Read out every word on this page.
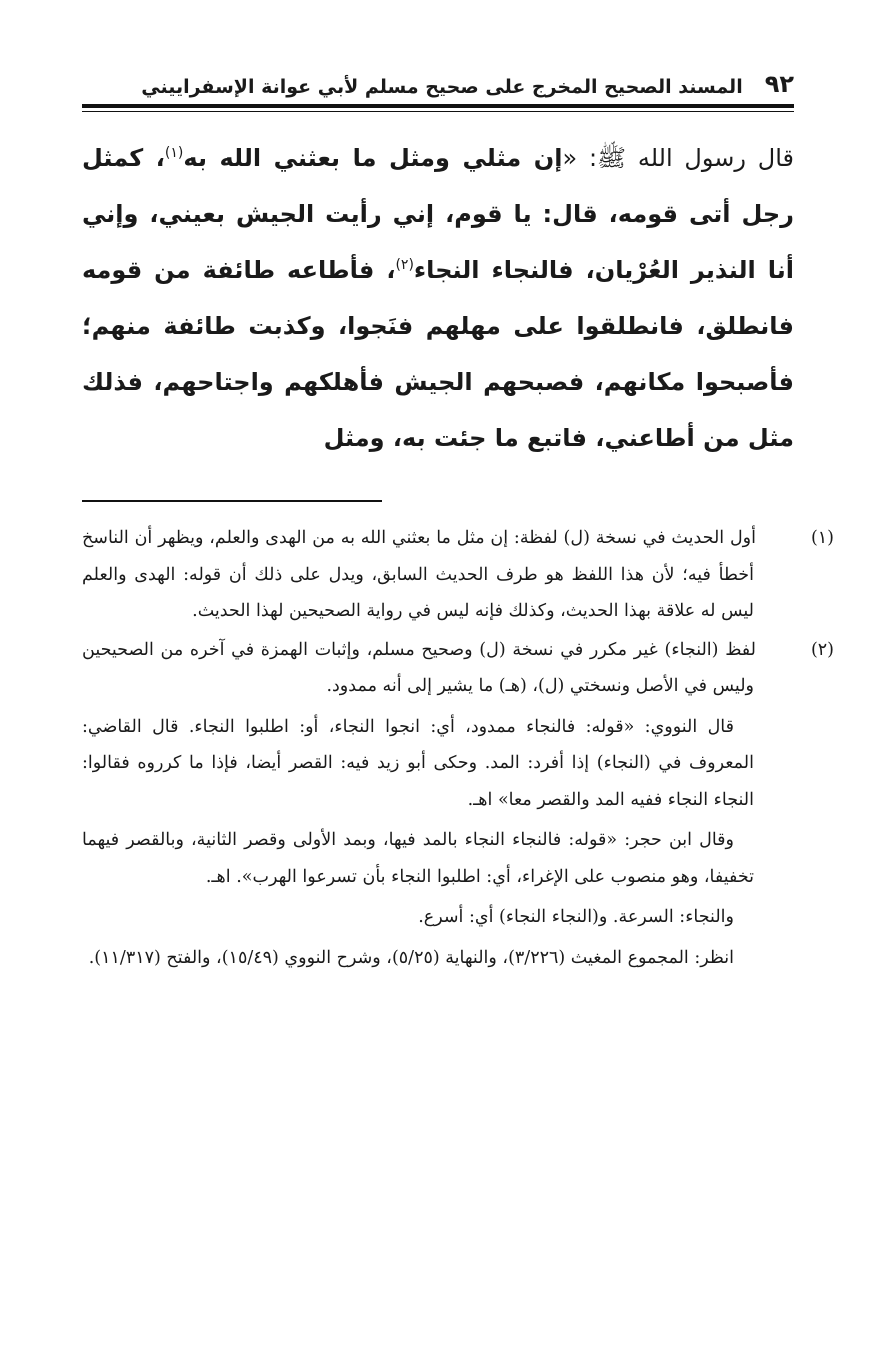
٩٢
المسند الصحيح المخرج على صحيح مسلم لأبي عوانة الإسفراييني
قال رسول الله ﷺ: «إن مثلي ومثل ما بعثني الله به$^{(١)}$، كمثل رجل أتى قومه، قال: يا قوم، إني رأيت الجيش بعيني، وإني أنا النذير العُرْيان، فالنجاء النجاء$^{(٢)}$، فأطاعه طائفة من قومه فانطلق، فانطلقوا على مهلهم فنَجوا، وكذبت طائفة منهم؛ فأصبحوا مكانهم، فصبحهم الجيش فأهلكهم واجتاحهم، فذلك مثل من أطاعني، فاتبع ما جئت به، ومثل
(١)أول الحديث في نسخة (ل) لفظة: إن مثل ما بعثني الله به من الهدى والعلم، ويظهر أن الناسخ أخطأ فيه؛ لأن هذا اللفظ هو طرف الحديث السابق، ويدل على ذلك أن قوله: الهدى والعلم ليس له علاقة بهذا الحديث، وكذلك فإنه ليس في رواية الصحيحين لهذا الحديث.
(٢)لفظ (النجاء) غير مكرر في نسخة (ل) وصحيح مسلم، وإثبات الهمزة في آخره من الصحيحين وليس في الأصل ونسختي (ل)، (هـ) ما يشير إلى أنه ممدود.
قال النووي: «قوله: فالنجاء ممدود، أي: انجوا النجاء، أو: اطلبوا النجاء. قال القاضي: المعروف في (النجاء) إذا أفرد: المد. وحكى أبو زيد فيه: القصر أيضا، فإذا ما كرروه فقالوا: النجاء النجاء ففيه المد والقصر معا» اهـ.
وقال ابن حجر: «قوله: فالنجاء النجاء بالمد فيها، وبمد الأولى وقصر الثانية، وبالقصر فيهما تخفيفا، وهو منصوب على الإغراء، أي: اطلبوا النجاء بأن تسرعوا الهرب». اهـ.
والنجاء: السرعة. و(النجاء النجاء) أي: أسرع.
انظر: المجموع المغيث (٣/٢٢٦)، والنهاية (٥/٢٥)، وشرح النووي (١٥/٤٩)، والفتح (١١/٣١٧).
